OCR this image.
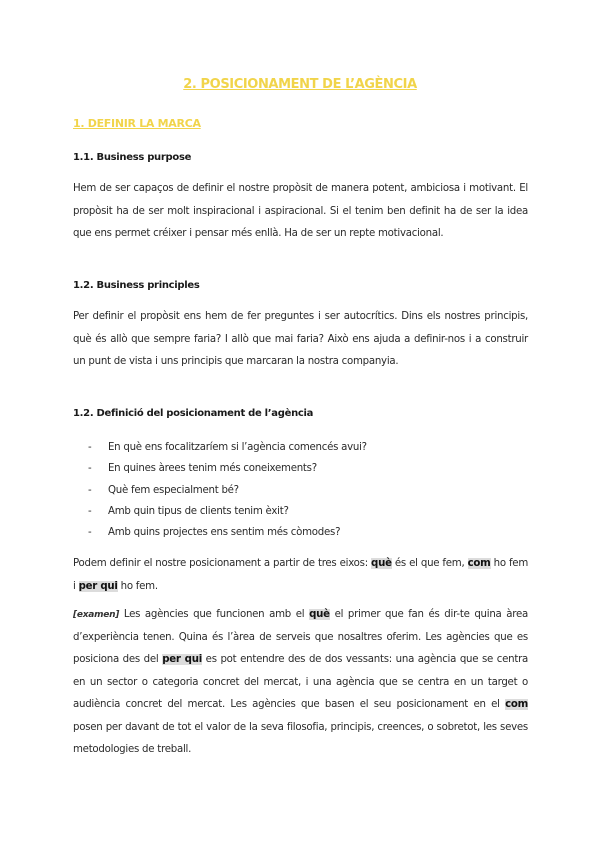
2. POSICIONAMENT DE L’AGÈNCIA
1. DEFINIR LA MARCA
1.1. Business purpose

Hem de ser capaços de definir el nostre propòsit de manera potent, ambiciosa i motivant. El propòsit ha de ser molt inspiracional i aspiracional. Si el tenim ben definit ha de ser la idea que ens permet créixer i pensar més enllà. Ha de ser un repte motivacional.

1.2. Business principles

Per definir el propòsit ens hem de fer preguntes i ser autocrítics. Dins els nostres principis, què és allò que sempre faria? I allò que mai faria? Això ens ajuda a definir-nos i a construir un punt de vista i uns principis que marcaran la nostra companyia.

1.2. Definició del posicionament de l’agència
- En què ens focalitzaríem si l’agència comencés avui?
- En quines àrees tenim més coneixements?
- Què fem especialment bé?
- Amb quin tipus de clients tenim èxit?
- Amb quins projectes ens sentim més còmodes?

Podem definir el nostre posicionament a partir de tres eixos: què és el que fem, com ho fem i per qui ho fem.

[examen] Les agències que funcionen amb el què el primer que fan és dir-te quina àrea d’experiència tenen. Quina és l’àrea de serveis que nosaltres oferim. Les agències que es posiciona des del per qui es pot entendre des de dos vessants: una agència que se centra en un sector o categoria concret del mercat, i una agència que se centra en un target o audiència concret del mercat. Les agències que basen el seu posicionament en el com posen per davant de tot el valor de la seva filosofia, principis, creences, o sobretot, les seves metodologies de treball.
